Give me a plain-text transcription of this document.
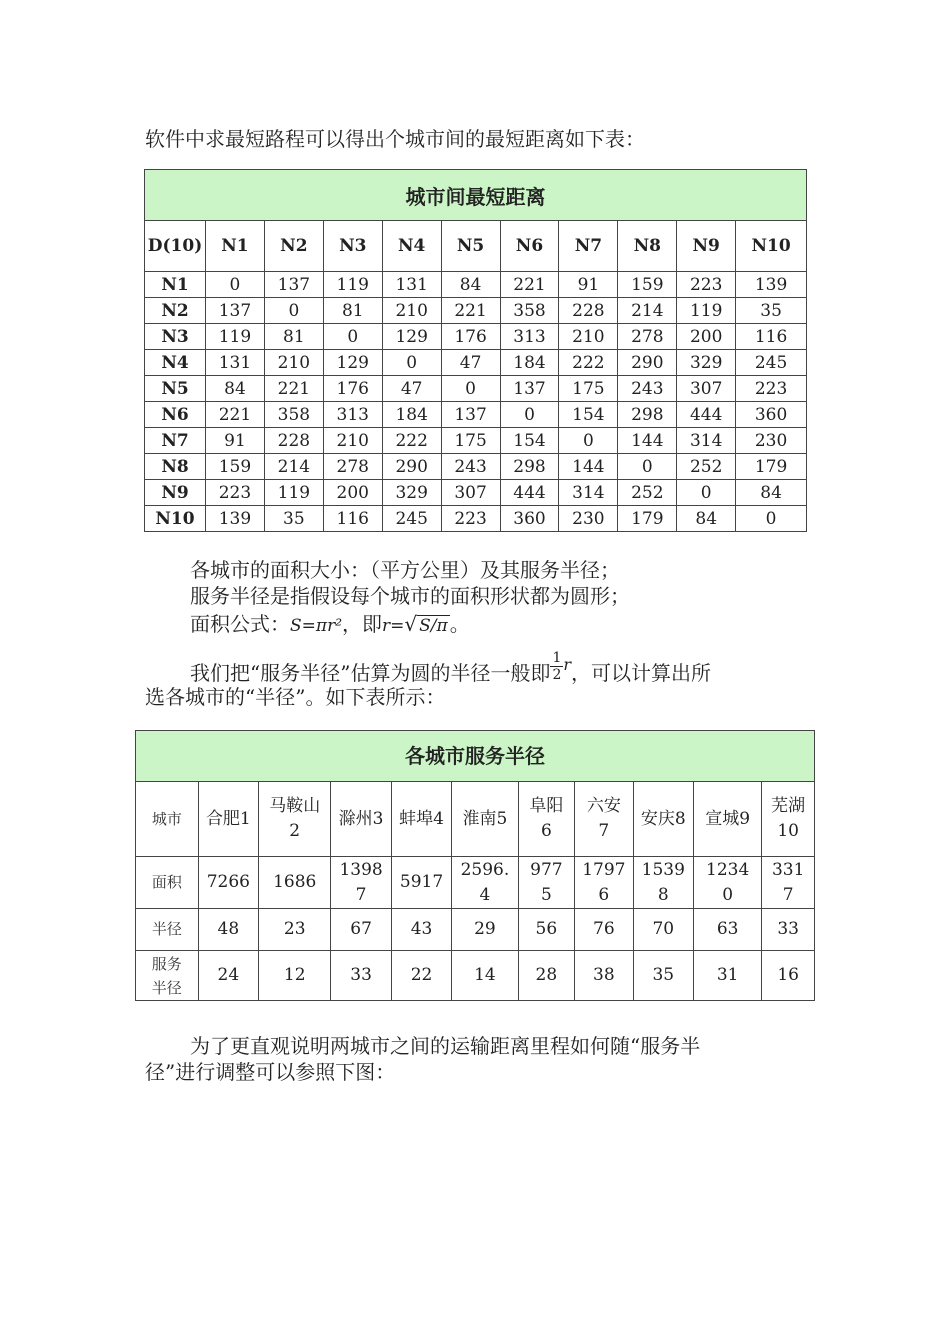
软件中求最短路程可以得出个城市间的最短距离如下表：

城市间最短距离										
D(10)	N1	N2	N3	N4	N5	N6	N7	N8	N9	N10
N1	0	137	119	131	84	221	91	159	223	139
N2	137	0	81	210	221	358	228	214	119	35
N3	119	81	0	129	176	313	210	278	200	116
N4	131	210	129	0	47	184	222	290	329	245
N5	84	221	176	47	0	137	175	243	307	223
N6	221	358	313	184	137	0	154	298	444	360
N7	91	228	210	222	175	154	0	144	314	230
N8	159	214	278	290	243	298	144	0	252	179
N9	223	119	200	329	307	444	314	252	0	84
N10	139	35	116	245	223	360	230	179	84	0

各城市的面积大小：（平方公里）及其服务半径；

服务半径是指假设每个城市的面积形状都为圆形；

面积公式：S=πr²，即r=√ S/π 。

我们把“服务半径”估算为圆的半径一般即 $\frac{1}{2}^r$，可以计算出所

选各城市的“半径”。如下表所示：

各城市服务半径										
城市	合肥1	马鞍山2	滁州3	蚌埠4	淮南5	阜阳6	六安7	安庆8	宣城9	芜湖10
面积	7266	1686	13987	5917	2596.4	9775	17976	15398	12340	3317
半径	48	23	67	43	29	56	76	70	63	33
服务半径	24	12	33	22	14	28	38	35	31	16

为了更直观说明两城市之间的运输距离里程如何随“服务半

径”进行调整可以参照下图：
